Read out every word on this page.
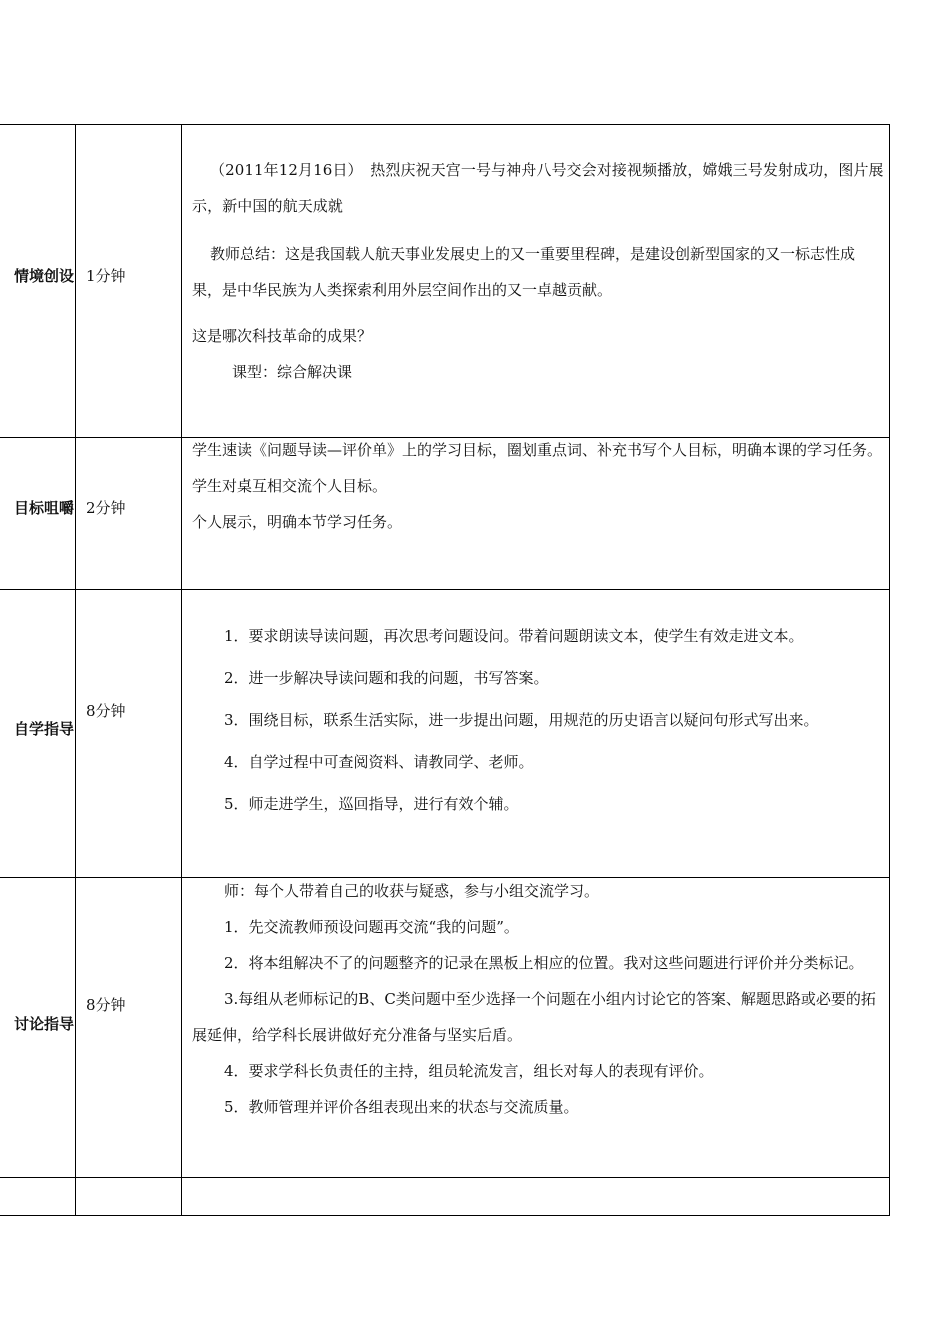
情境创设 1分钟

（2011年12月16日）　热烈庆祝天宫一号与神舟八号交会对接视频播放，嫦娥三号发射成功，图片展示，新中国的航天成就

教师总结：这是我国载人航天事业发展史上的又一重要里程碑，是建设创新型国家的又一标志性成果，是中华民族为人类探索利用外层空间作出的又一卓越贡献。

这是哪次科技革命的成果？

课型：综合解决课

目标咀嚼 2分钟

学生速读《问题导读—评价单》上的学习目标，圈划重点词、补充书写个人目标，明确本课的学习任务。

学生对桌互相交流个人目标。

个人展示，明确本节学习任务。

自学指导
8分钟

1．要求朗读导读问题，再次思考问题设问。带着问题朗读文本，使学生有效走进文本。

2．进一步解决导读问题和我的问题，书写答案。

3．围绕目标，联系生活实际，进一步提出问题，用规范的历史语言以疑问句形式写出来。

4．自学过程中可查阅资料、请教同学、老师。

5．师走进学生，巡回指导，进行有效个辅。

讨论指导
8分钟

师：每个人带着自己的收获与疑惑，参与小组交流学习。

1．先交流教师预设问题再交流“我的问题”。

2．将本组解决不了的问题整齐的记录在黑板上相应的位置。我对这些问题进行评价并分类标记。

3.每组从老师标记的B、C类问题中至少选择一个问题在小组内讨论它的答案、解题思路或必要的拓展延伸，给学科长展讲做好充分准备与坚实后盾。

4．要求学科长负责任的主持，组员轮流发言，组长对每人的表现有评价。

5．教师管理并评价各组表现出来的状态与交流质量。
